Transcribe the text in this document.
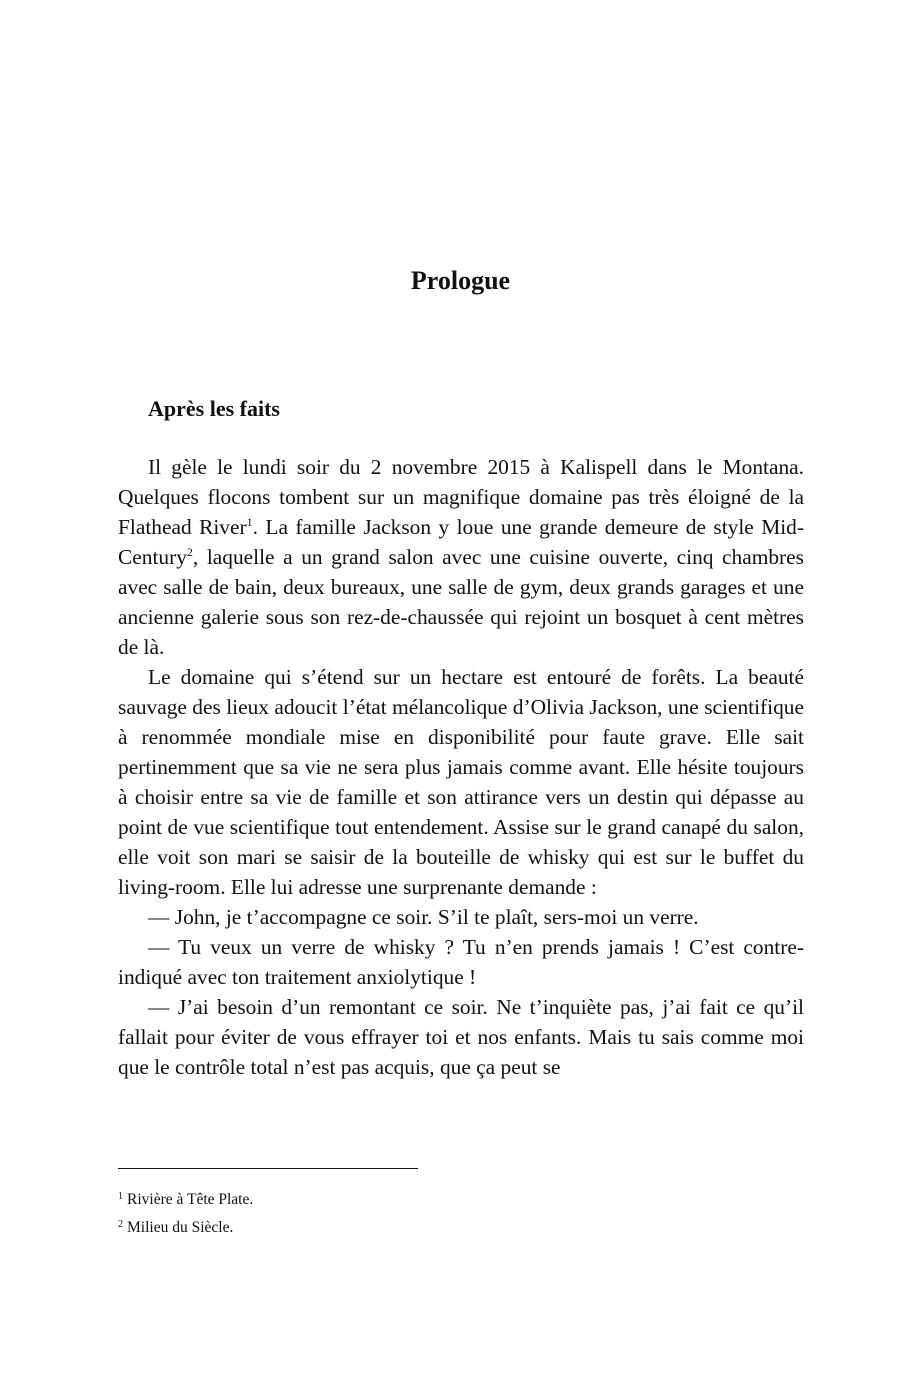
Prologue
Après les faits

Il gèle le lundi soir du 2 novembre 2015 à Kalispell dans le Montana. Quelques flocons tombent sur un magnifique domaine pas très éloigné de la Flathead River$^1$. La famille Jackson y loue une grande demeure de style Mid-Century$^2$, laquelle a un grand salon avec une cuisine ouverte, cinq chambres avec salle de bain, deux bureaux, une salle de gym, deux grands garages et une ancienne galerie sous son rez-de-chaussée qui rejoint un bosquet à cent mètres de là.

Le domaine qui s’étend sur un hectare est entouré de forêts. La beauté sauvage des lieux adoucit l’état mélancolique d’Olivia Jackson, une scientifique à renommée mondiale mise en disponibilité pour faute grave. Elle sait pertinemment que sa vie ne sera plus jamais comme avant. Elle hésite toujours à choisir entre sa vie de famille et son attirance vers un destin qui dépasse au point de vue scientifique tout entendement. Assise sur le grand canapé du salon, elle voit son mari se saisir de la bouteille de whisky qui est sur le buffet du living-room. Elle lui adresse une surprenante demande :

— John, je t’accompagne ce soir. S’il te plaît, sers-moi un verre.

— Tu veux un verre de whisky ? Tu n’en prends jamais ! C’est contre-indiqué avec ton traitement anxiolytique !

— J’ai besoin d’un remontant ce soir. Ne t’inquiète pas, j’ai fait ce qu’il fallait pour éviter de vous effrayer toi et nos enfants. Mais tu sais comme moi que le contrôle total n’est pas acquis, que ça peut se

$^1$ Rivière à Tête Plate.

$^2$ Milieu du Siècle.
